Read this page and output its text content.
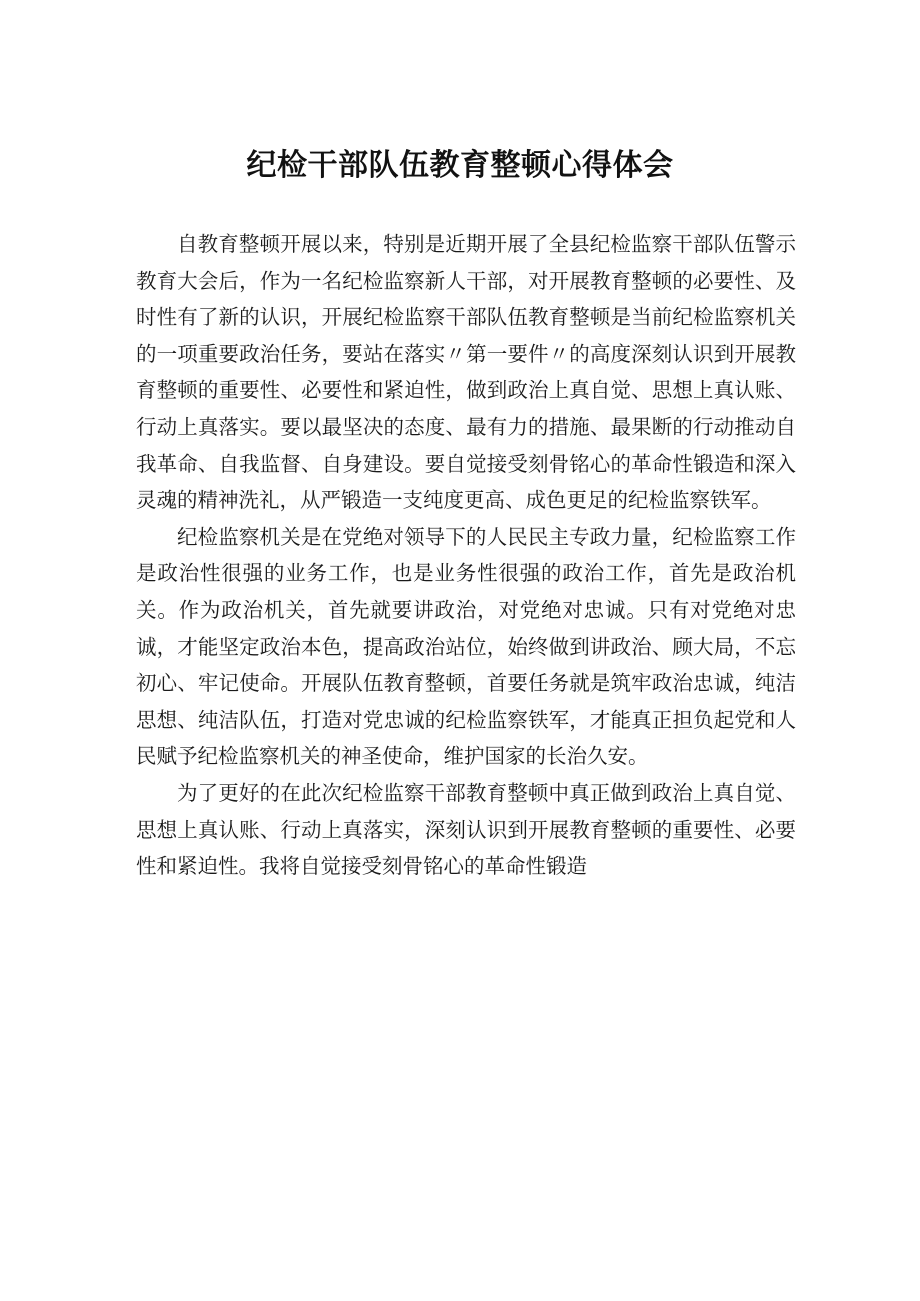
纪检干部队伍教育整顿心得体会

自教育整顿开展以来，特别是近期开展了全县纪检监察干部队伍警示教育大会后，作为一名纪检监察新人干部，对开展教育整顿的必要性、及时性有了新的认识，开展纪检监察干部队伍教育整顿是当前纪检监察机关的一项重要政治任务，要站在落实〃第一要件〃的高度深刻认识到开展教育整顿的重要性、必要性和紧迫性，做到政治上真自觉、思想上真认账、行动上真落实。要以最坚决的态度、最有力的措施、最果断的行动推动自我革命、自我监督、自身建设。要自觉接受刻骨铭心的革命性锻造和深入灵魂的精神洗礼，从严锻造一支纯度更高、成色更足的纪检监察铁军。

纪检监察机关是在党绝对领导下的人民民主专政力量，纪检监察工作是政治性很强的业务工作，也是业务性很强的政治工作，首先是政治机关。作为政治机关，首先就要讲政治，对党绝对忠诚。只有对党绝对忠诚，才能坚定政治本色，提高政治站位，始终做到讲政治、顾大局，不忘初心、牢记使命。开展队伍教育整顿，首要任务就是筑牢政治忠诚，纯洁思想、纯洁队伍，打造对党忠诚的纪检监察铁军，才能真正担负起党和人民赋予纪检监察机关的神圣使命，维护国家的长治久安。

为了更好的在此次纪检监察干部教育整顿中真正做到政治上真自觉、思想上真认账、行动上真落实，深刻认识到开展教育整顿的重要性、必要性和紧迫性。我将自觉接受刻骨铭心的革命性锻造
